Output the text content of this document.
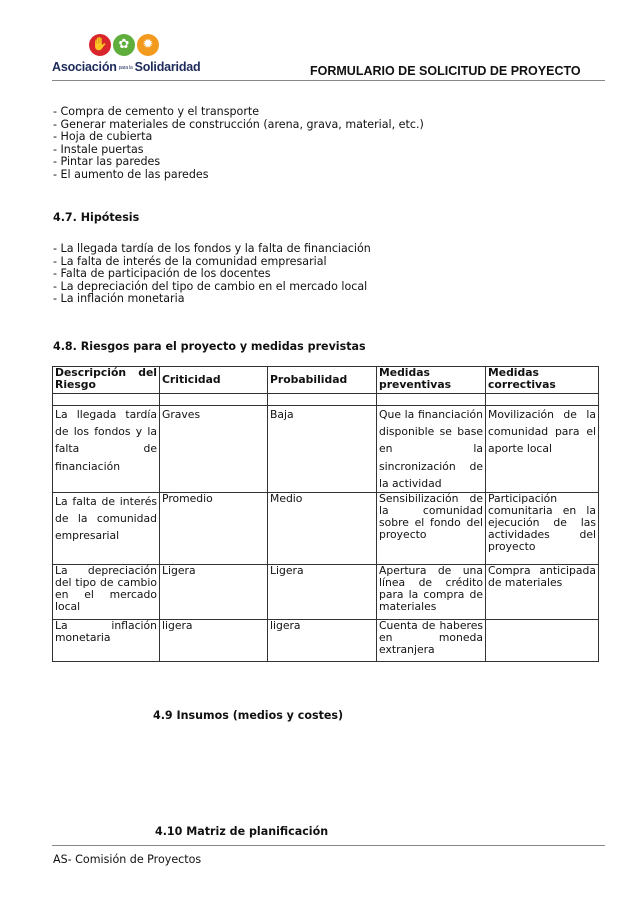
✋ ✿	✹
Asociación para la Solidaridad	FORMULARIO DE SOLICITUD DE PROYECTO
- Compra de cemento y el transporte
- Generar materiales de construcción (arena, grava, material, etc.)
- Hoja de cubierta
- Instale puertas
- Pintar las paredes
- El aumento de las paredes
4.7. Hipótesis
- La llegada tardía de los fondos y la falta de financiación
- La falta de interés de la comunidad empresarial
- Falta de participación de los docentes
- La depreciación del tipo de cambio en el mercado local
- La inflación monetaria
4.8. Riesgos para el proyecto y medidas previstas
Descripción del Riesgo	Criticidad	Probabilidad	Medidas preventivas	Medidas correctivas

La llegada tardía de los fondos y la falta de financiación	Graves	Baja	Que la financiación disponible se base en la sincronización de la actividad	Movilización de la comunidad para el aporte local
La falta de interés de la comunidad empresarial	Promedio	Medio	Sensibilización de la comunidad sobre el fondo del proyecto	Participación comunitaria en la ejecución de las actividades del proyecto
La depreciación del tipo de cambio en el mercado local	Ligera	Ligera	Apertura de una línea de crédito para la compra de materiales	Compra anticipada de materiales
La inflación monetaria	ligera	ligera	Cuenta de haberes en moneda extranjera	
4.9 Insumos (medios y costes)
4.10 Matriz de planificación
AS- Comisión de Proyectos
